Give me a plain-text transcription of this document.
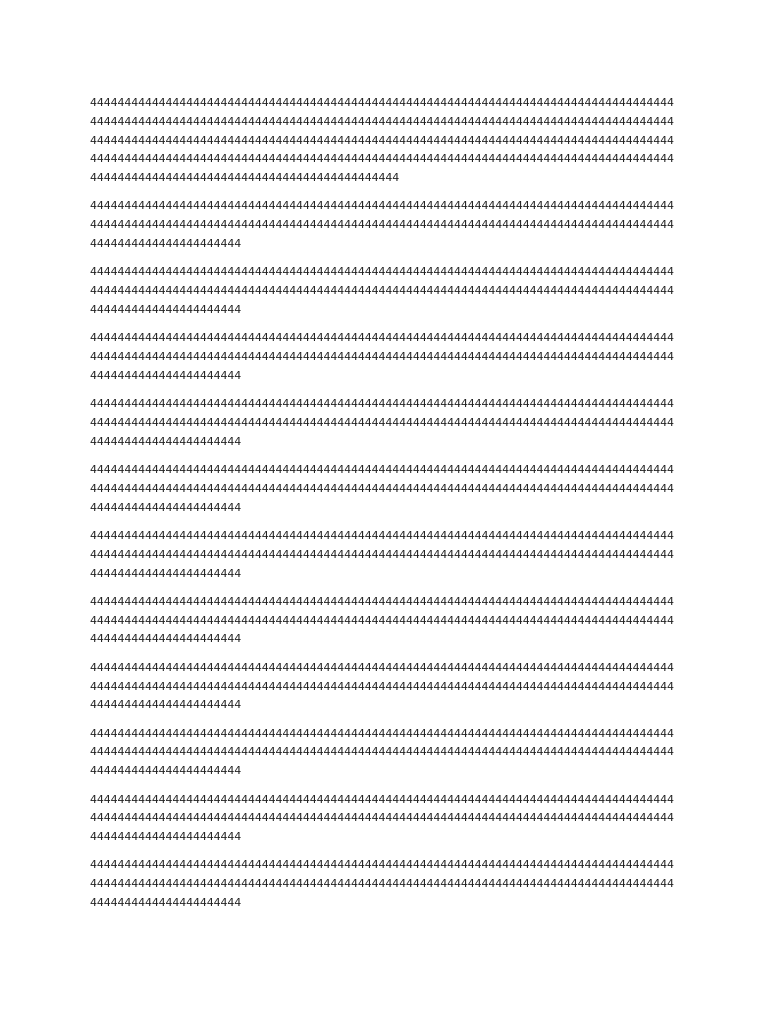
4444444444444444444444444444444444444444444444444444444444444444444444444444444444444
4444444444444444444444444444444444444444444444444444444444444444444444444444444444444
4444444444444444444444444444444444444444444444444444444444444444444444444444444444444
4444444444444444444444444444444444444444444444444444444444444444444444444444444444444
444444444444444444444444444444444444444444444
4444444444444444444444444444444444444444444444444444444444444444444444444444444444444
4444444444444444444444444444444444444444444444444444444444444444444444444444444444444
4444444444444444444444
4444444444444444444444444444444444444444444444444444444444444444444444444444444444444
4444444444444444444444444444444444444444444444444444444444444444444444444444444444444
4444444444444444444444
4444444444444444444444444444444444444444444444444444444444444444444444444444444444444
4444444444444444444444444444444444444444444444444444444444444444444444444444444444444
4444444444444444444444
4444444444444444444444444444444444444444444444444444444444444444444444444444444444444
4444444444444444444444444444444444444444444444444444444444444444444444444444444444444
4444444444444444444444
4444444444444444444444444444444444444444444444444444444444444444444444444444444444444
4444444444444444444444444444444444444444444444444444444444444444444444444444444444444
4444444444444444444444
4444444444444444444444444444444444444444444444444444444444444444444444444444444444444
4444444444444444444444444444444444444444444444444444444444444444444444444444444444444
4444444444444444444444
4444444444444444444444444444444444444444444444444444444444444444444444444444444444444
4444444444444444444444444444444444444444444444444444444444444444444444444444444444444
4444444444444444444444
4444444444444444444444444444444444444444444444444444444444444444444444444444444444444
4444444444444444444444444444444444444444444444444444444444444444444444444444444444444
4444444444444444444444
4444444444444444444444444444444444444444444444444444444444444444444444444444444444444
4444444444444444444444444444444444444444444444444444444444444444444444444444444444444
4444444444444444444444
4444444444444444444444444444444444444444444444444444444444444444444444444444444444444
4444444444444444444444444444444444444444444444444444444444444444444444444444444444444
4444444444444444444444
4444444444444444444444444444444444444444444444444444444444444444444444444444444444444
4444444444444444444444444444444444444444444444444444444444444444444444444444444444444
4444444444444444444444
